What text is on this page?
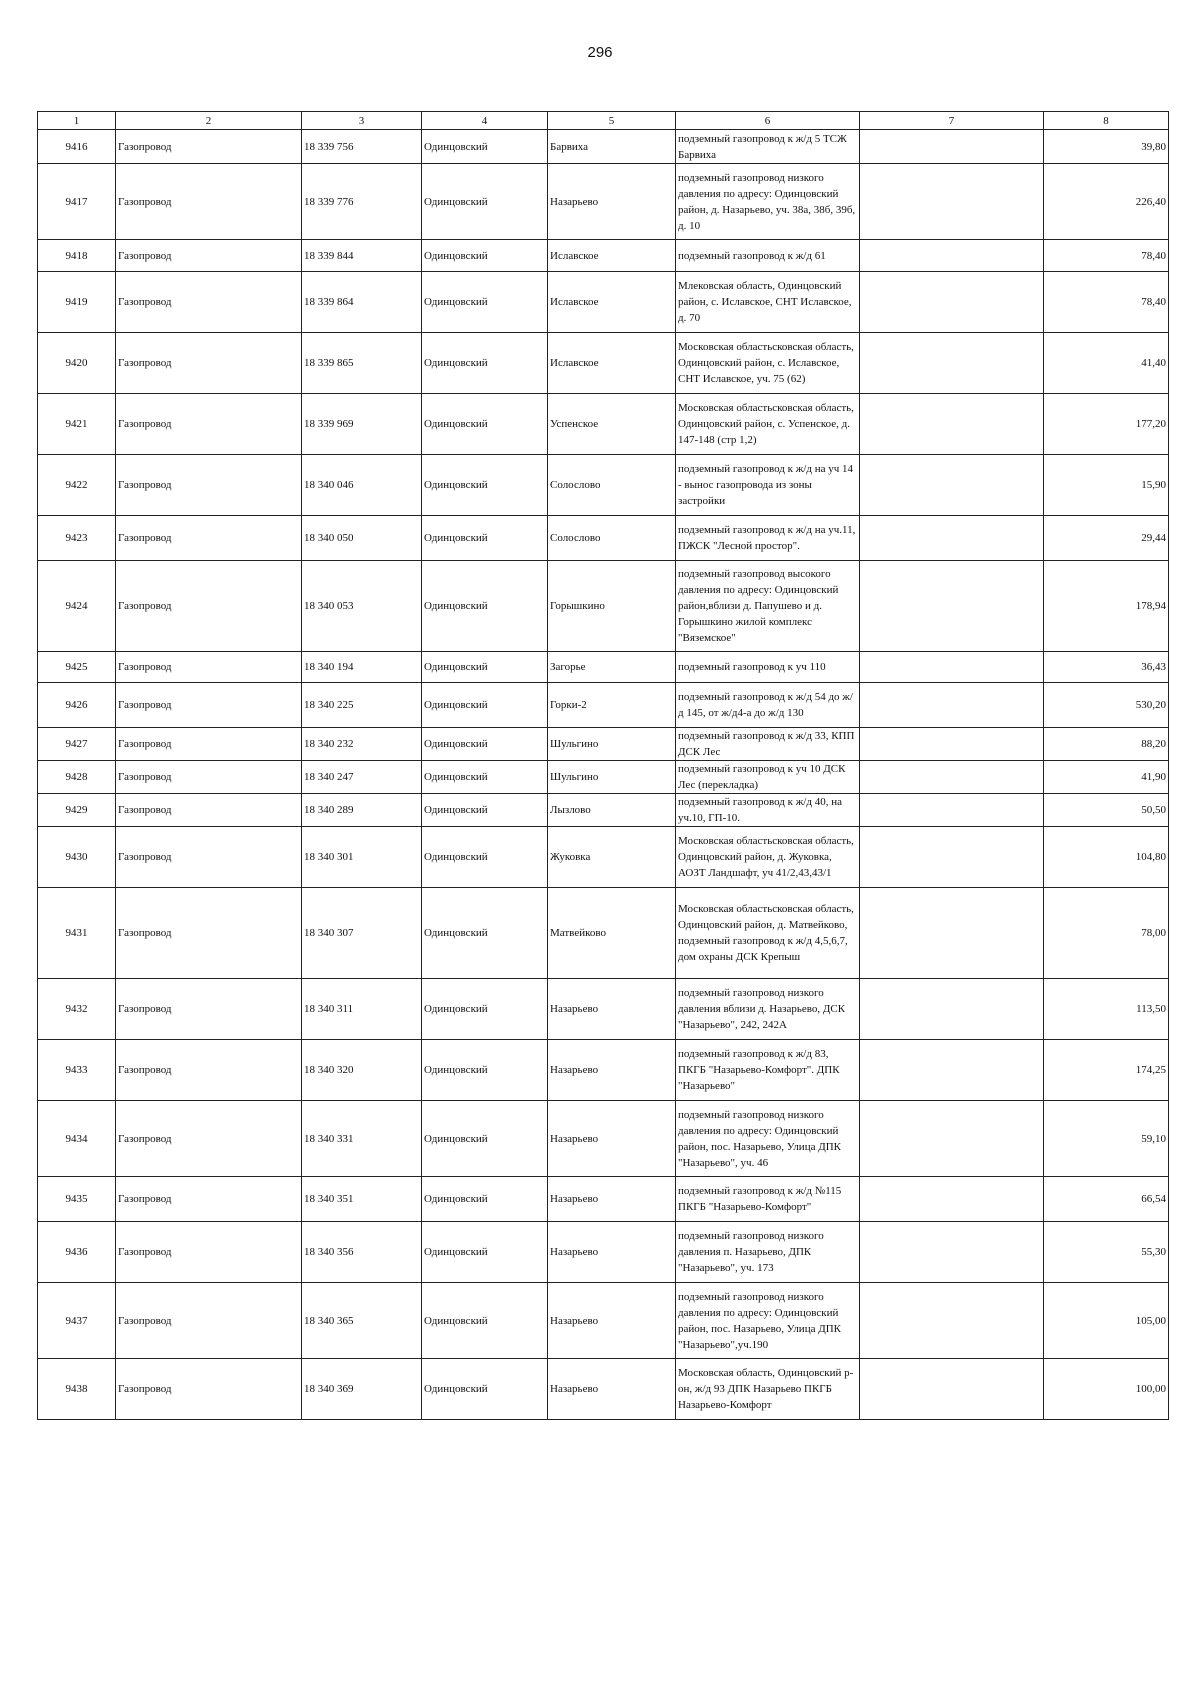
296
1	2	3	4	5	6	7	8
9416	Газопровод	18 339 756	Одинцовский	Барвиха	подземный газопровод к ж/д 5 ТСЖ Барвиха		39,80
9417	Газопровод	18 339 776	Одинцовский	Назарьево	подземный газопровод низкого давления по адресу: Одинцовский район, д. Назарьево, уч. 38а, 38б, 39б, д. 10		226,40
9418	Газопровод	18 339 844	Одинцовский	Иславское	подземный газопровод к ж/д 61		78,40
9419	Газопровод	18 339 864	Одинцовский	Иславское	Млековская область, Одинцовский район, с. Иславское, СНТ Иславское, д. 70		78,40
9420	Газопровод	18 339 865	Одинцовский	Иславское	Московская областьсковская область, Одинцовский район, с. Иславское, СНТ Иславское, уч. 75 (62)		41,40
9421	Газопровод	18 339 969	Одинцовский	Успенское	Московская областьсковская область, Одинцовский район, с. Успенское, д. 147-148 (стр 1,2)		177,20
9422	Газопровод	18 340 046	Одинцовский	Солослово	подземный газопровод к ж/д на уч 14 - вынос газопровода из зоны застройки		15,90
9423	Газопровод	18 340 050	Одинцовский	Солослово	подземный газопровод к ж/д на уч.11, ПЖСК "Лесной простор".		29,44
9424	Газопровод	18 340 053	Одинцовский	Горышкино	подземный газопровод высокого давления по адресу: Одинцовский район,вблизи д. Папушево и д. Горышкино жилой комплекс "Вяземское"		178,94
9425	Газопровод	18 340 194	Одинцовский	Загорье	подземный газопровод к уч 110		36,43
9426	Газопровод	18 340 225	Одинцовский	Горки-2	подземный газопровод к ж/д 54 до ж/д 145, от ж/д4-а до ж/д 130		530,20
9427	Газопровод	18 340 232	Одинцовский	Шульгино	подземный газопровод к ж/д 33, КПП ДСК Лес		88,20
9428	Газопровод	18 340 247	Одинцовский	Шульгино	подземный газопровод к уч 10 ДСК Лес (перекладка)		41,90
9429	Газопровод	18 340 289	Одинцовский	Лызлово	подземный газопровод к ж/д 40, на уч.10, ГП-10.		50,50
9430	Газопровод	18 340 301	Одинцовский	Жуковка	Московская областьсковская область, Одинцовский район, д. Жуковка, АОЗТ Ландшафт, уч 41/2,43,43/1		104,80
9431	Газопровод	18 340 307	Одинцовский	Матвейково	Московская областьсковская область, Одинцовский район, д. Матвейково, подземный газопровод к ж/д 4,5,6,7, дом охраны ДСК Крепыш		78,00
9432	Газопровод	18 340 311	Одинцовский	Назарьево	подземный газопровод низкого давления вблизи д. Назарьево, ДСК "Назарьево", 242, 242А		113,50
9433	Газопровод	18 340 320	Одинцовский	Назарьево	подземный газопровод к ж/д 83, ПКГБ "Назарьево-Комфорт". ДПК "Назарьево"		174,25
9434	Газопровод	18 340 331	Одинцовский	Назарьево	подземный газопровод низкого давления по адресу: Одинцовский район, пос. Назарьево, Улица ДПК "Назарьево", уч. 46		59,10
9435	Газопровод	18 340 351	Одинцовский	Назарьево	подземный газопровод к ж/д №115 ПКГБ "Назарьево-Комфорт"		66,54
9436	Газопровод	18 340 356	Одинцовский	Назарьево	подземный газопровод низкого давления п. Назарьево, ДПК "Назарьево", уч. 173		55,30
9437	Газопровод	18 340 365	Одинцовский	Назарьево	подземный газопровод низкого давления по адресу: Одинцовский район, пос. Назарьево, Улица ДПК "Назарьево",уч.190		105,00
9438	Газопровод	18 340 369	Одинцовский	Назарьево	Московская область, Одинцовский р-он, ж/д 93 ДПК Назарьево ПКГБ Назарьево-Комфорт		100,00
